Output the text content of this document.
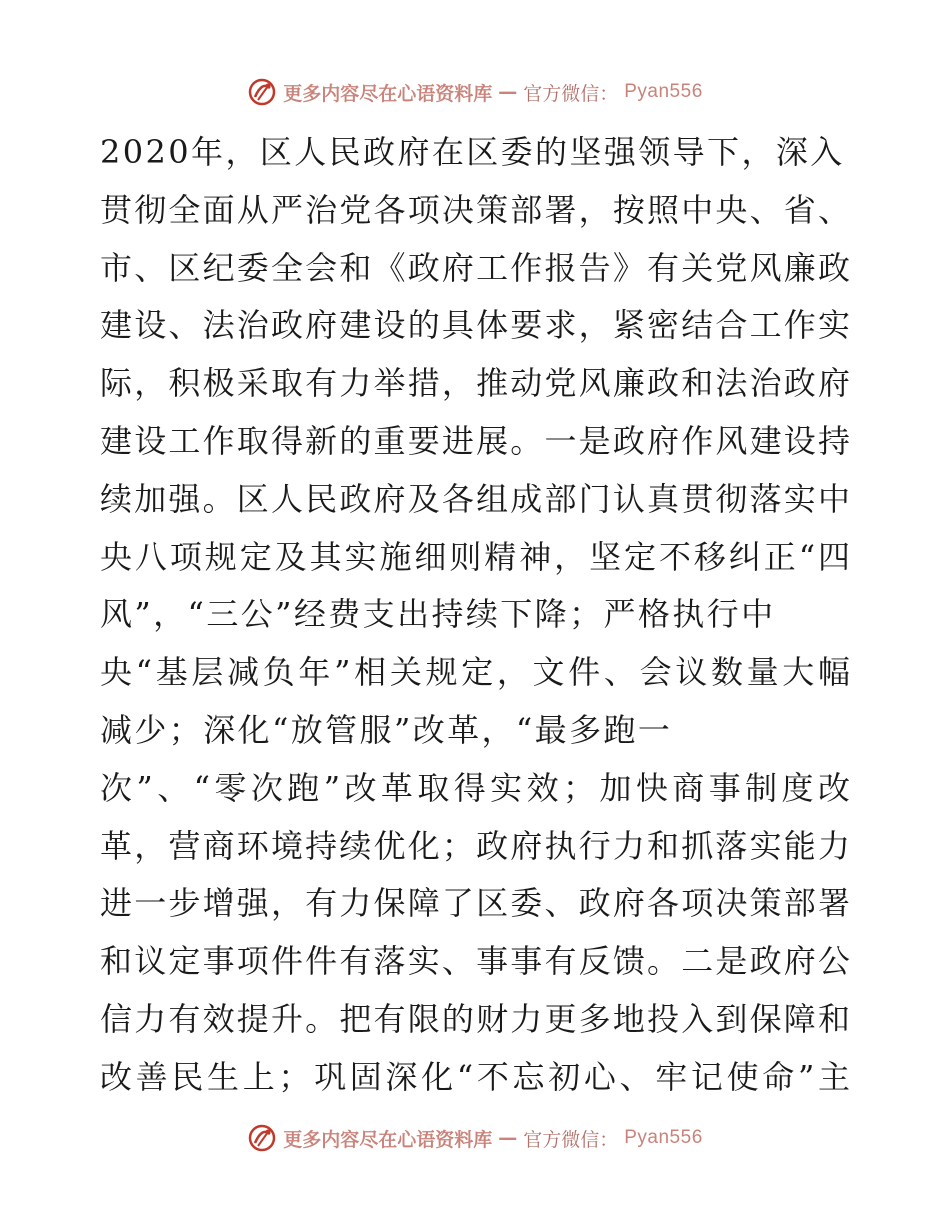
更多内容尽在心语资料库 — 官方微信： Pyan556
2020年，区人民政府在区委的坚强领导下，深入
贯彻全面从严治党各项决策部署，按照中央、省、
市、区纪委全会和《政府工作报告》有关党风廉政
建设、法治政府建设的具体要求，紧密结合工作实
际，积极采取有力举措，推动党风廉政和法治政府
建设工作取得新的重要进展。一是政府作风建设持
续加强。区人民政府及各组成部门认真贯彻落实中
央八项规定及其实施细则精神，坚定不移纠正“四
风”，“三公”经费支出持续下降；严格执行中
央“基层减负年”相关规定，文件、会议数量大幅
减少；深化“放管服”改革，“最多跑一
次”、“零次跑”改革取得实效；加快商事制度改
革，营商环境持续优化；政府执行力和抓落实能力
进一步增强，有力保障了区委、政府各项决策部署
和议定事项件件有落实、事事有反馈。二是政府公
信力有效提升。把有限的财力更多地投入到保障和
改善民生上；巩固深化“不忘初心、牢记使命”主
更多内容尽在心语资料库 — 官方微信： Pyan556
